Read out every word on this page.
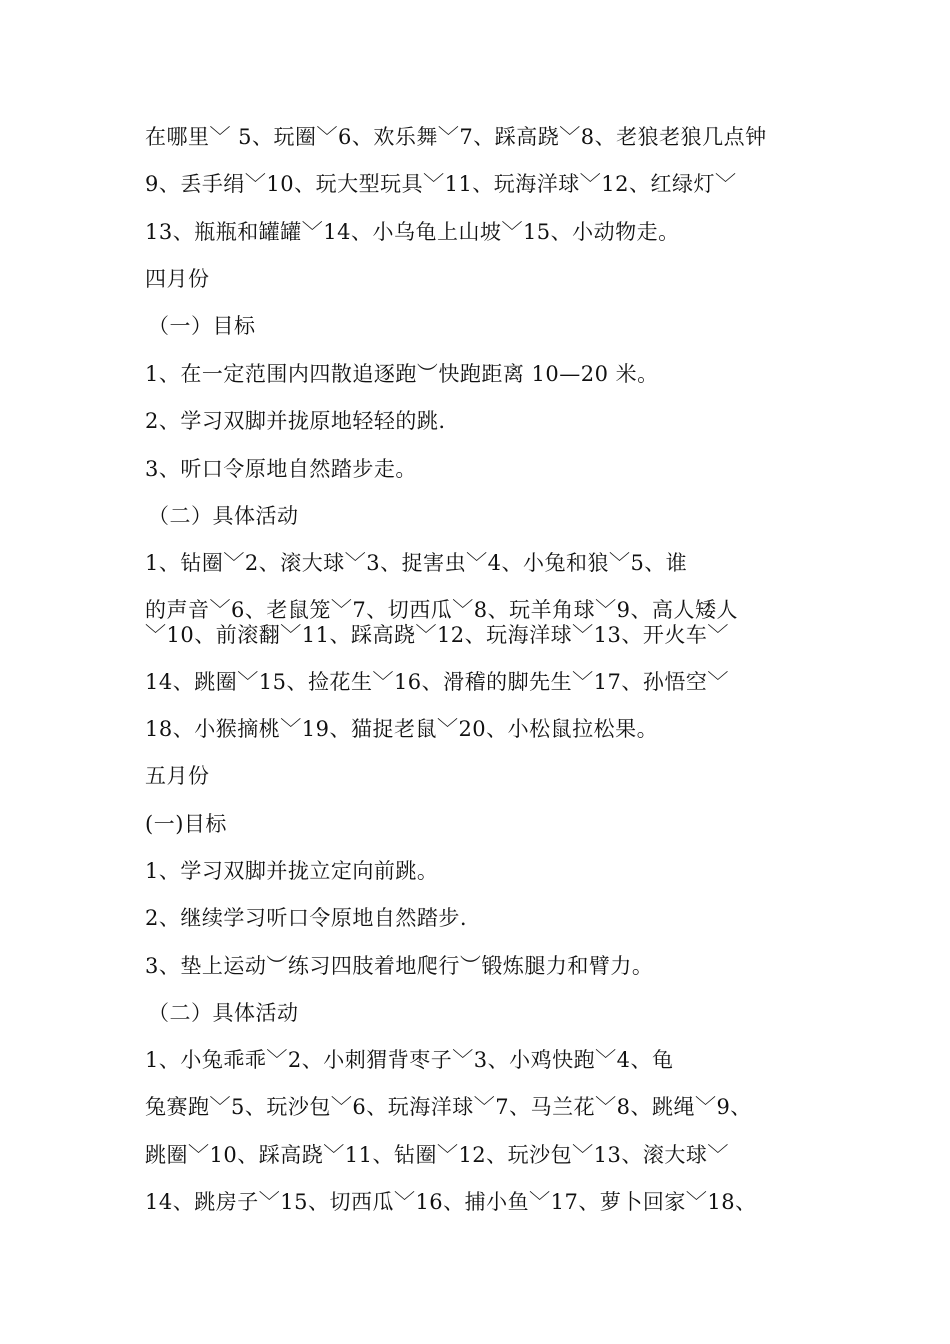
在哪里﹀ 5、玩圈﹀6、欢乐舞﹀7、踩高跷﹀8、老狼老狼几点钟
9、丢手绢﹀10、玩大型玩具﹀11、玩海洋球﹀12、红绿灯﹀
13、瓶瓶和罐罐﹀14、小乌龟上山坡﹀15、小动物走。
四月份
（一）目标
1、在一定范围内四散追逐跑︶快跑距离 10—20 米。
2、学习双脚并拢原地轻轻的跳.
3、听口令原地自然踏步走。
（二）具体活动
1、钻圈﹀2、滚大球﹀3、捉害虫﹀4、小兔和狼﹀5、谁
的声音﹀6、老鼠笼﹀7、切西瓜﹀8、玩羊角球﹀9、高人矮人
﹀10、前滚翻﹀11、踩高跷﹀12、玩海洋球﹀13、开火车﹀
14、跳圈﹀15、捡花生﹀16、滑稽的脚先生﹀17、孙悟空﹀
18、小猴摘桃﹀19、猫捉老鼠﹀20、小松鼠拉松果。
五月份
(一)目标
1、学习双脚并拢立定向前跳。
2、继续学习听口令原地自然踏步.
3、垫上运动︶练习四肢着地爬行︶锻炼腿力和臂力。
（二）具体活动
1、小兔乖乖﹀2、小刺猬背枣子﹀3、小鸡快跑﹀4、龟
兔赛跑﹀5、玩沙包﹀6、玩海洋球﹀7、马兰花﹀8、跳绳﹀9、
跳圈﹀10、踩高跷﹀11、钻圈﹀12、玩沙包﹀13、滚大球﹀
14、跳房子﹀15、切西瓜﹀16、捕小鱼﹀17、萝卜回家﹀18、
